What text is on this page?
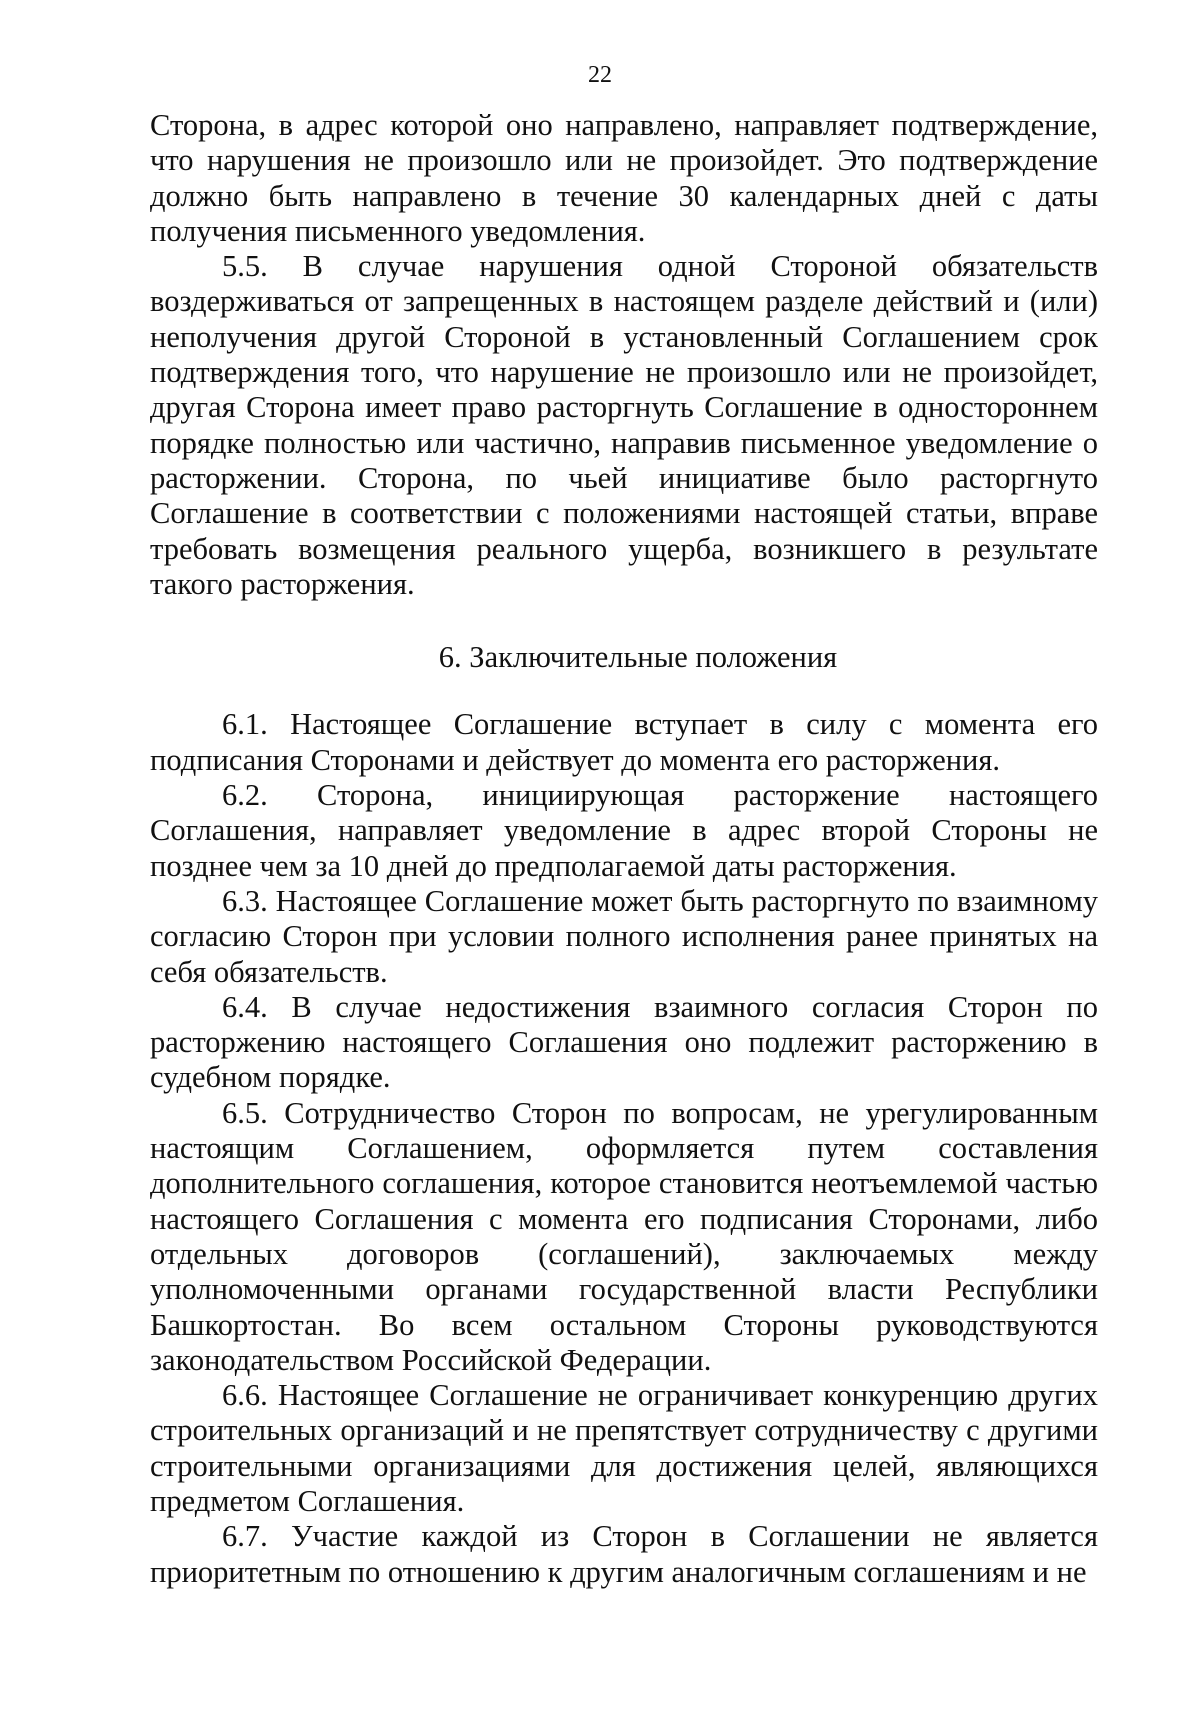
22

Сторона, в адрес которой оно направлено, направляет подтверждение, что нарушения не произошло или не произойдет. Это подтверждение должно быть направлено в течение 30 календарных дней с даты получения письменного уведомления.

5.5. В случае нарушения одной Стороной обязательств воздерживаться от запрещенных в настоящем разделе действий и (или) неполучения другой Стороной в установленный Соглашением срок подтверждения того, что нарушение не произошло или не произойдет, другая Сторона имеет право расторгнуть Соглашение в одностороннем порядке полностью или частично, направив письменное уведомление о расторжении. Сторона, по чьей инициативе было расторгнуто Соглашение в соответствии с положениями настоящей статьи, вправе требовать возмещения реального ущерба, возникшего в результате такого расторжения.

6. Заключительные положения

6.1. Настоящее Соглашение вступает в силу с момента его подписания Сторонами и действует до момента его расторжения.

6.2. Сторона, инициирующая расторжение настоящего Соглашения, направляет уведомление в адрес второй Стороны не позднее чем за 10 дней до предполагаемой даты расторжения.

6.3. Настоящее Соглашение может быть расторгнуто по взаимному согласию Сторон при условии полного исполнения ранее принятых на себя обязательств.

6.4. В случае недостижения взаимного согласия Сторон по расторжению настоящего Соглашения оно подлежит расторжению в судебном порядке.

6.5. Сотрудничество Сторон по вопросам, не урегулированным настоящим Соглашением, оформляется путем составления дополнительного соглашения, которое становится неотъемлемой частью настоящего Соглашения с момента его подписания Сторонами, либо отдельных договоров (соглашений), заключаемых между уполномоченными органами государственной власти Республики Башкортостан. Во всем остальном Стороны руководствуются законодательством Российской Федерации.

6.6. Настоящее Соглашение не ограничивает конкуренцию других строительных организаций и не препятствует сотрудничеству с другими строительными организациями для достижения целей, являющихся предметом Соглашения.

6.7. Участие каждой из Сторон в Соглашении не является приоритетным по отношению к другим аналогичным соглашениям и не
